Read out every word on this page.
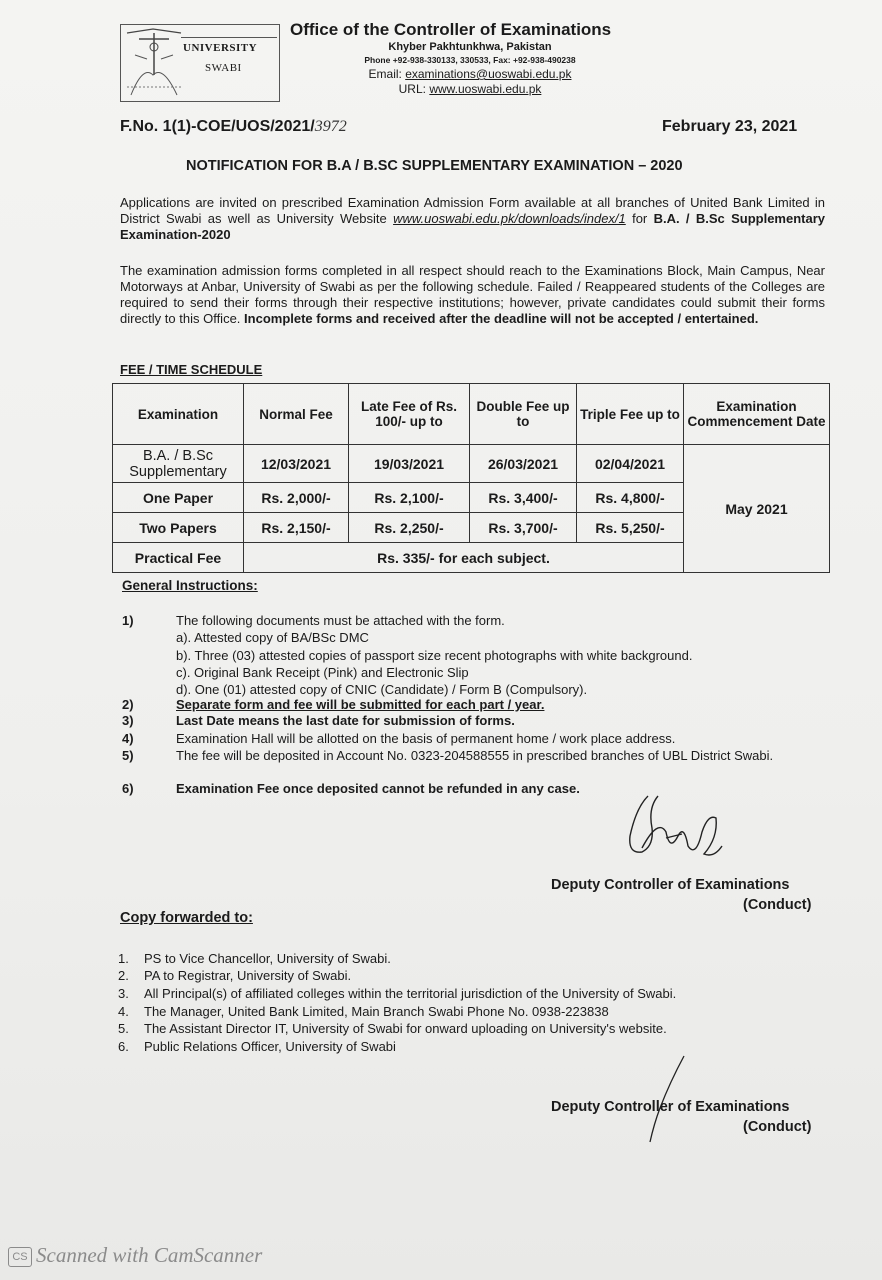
UNIVERSITY
SWABI
Office of the Controller of Examinations
Khyber Pakhtunkhwa, Pakistan
Phone +92-938-330133, 330533, Fax: +92-938-490238
Email: examinations@uoswabi.edu.pk
URL: www.uoswabi.edu.pk
F.No. 1(1)-COE/UOS/2021/3972	February 23, 2021
NOTIFICATION FOR B.A / B.SC SUPPLEMENTARY EXAMINATION – 2020
Applications are invited on prescribed Examination Admission Form available at all branches of United Bank Limited in District Swabi as well as University Website www.uoswabi.edu.pk/downloads/index/1 for B.A. / B.Sc Supplementary Examination-2020
The examination admission forms completed in all respect should reach to the Examinations Block, Main Campus, Near Motorways at Anbar, University of Swabi as per the following schedule. Failed / Reappeared students of the Colleges are required to send their forms through their respective institutions; however, private candidates could submit their forms directly to this Office. Incomplete forms and received after the deadline will not be accepted / entertained.
FEE / TIME SCHEDULE
Examination	Normal Fee	Late Fee of Rs. 100/- up to	Double Fee up to	Triple Fee up to	Examination Commencement Date
B.A. / B.Sc Supplementary	12/03/2021	19/03/2021	26/03/2021	02/04/2021	May 2021
One Paper	Rs. 2,000/-	Rs. 2,100/-	Rs. 3,400/-	Rs. 4,800/-	
Two Papers	Rs. 2,150/-	Rs. 2,250/-	Rs. 3,700/-	Rs. 5,250/-	
Practical Fee	Rs. 335/- for each subject.				
General Instructions:
1)	The following documents must be attached with the form.
a). Attested copy of BA/BSc DMC
b). Three (03) attested copies of passport size recent photographs with white background.
c). Original Bank Receipt (Pink) and Electronic Slip
d). One (01) attested copy of CNIC (Candidate) / Form B (Compulsory).
2)	Separate form and fee will be submitted for each part / year.
3)	Last Date means the last date for submission of forms.
4)	Examination Hall will be allotted on the basis of permanent home / work place address.
5)	The fee will be deposited in Account No. 0323-204588555 in prescribed branches of UBL District Swabi.
6)	Examination Fee once deposited cannot be refunded in any case.
Deputy Controller of Examinations
(Conduct)
Copy forwarded to:
1. PS to Vice Chancellor, University of Swabi.
2. PA to Registrar, University of Swabi.
3. All Principal(s) of affiliated colleges within the territorial jurisdiction of the University of Swabi.
4. The Manager, United Bank Limited, Main Branch Swabi Phone No. 0938-223838
5. The Assistant Director IT, University of Swabi for onward uploading on University's website.
6. Public Relations Officer, University of Swabi
Deputy Controller of Examinations
(Conduct)
CS Scanned with CamScanner
